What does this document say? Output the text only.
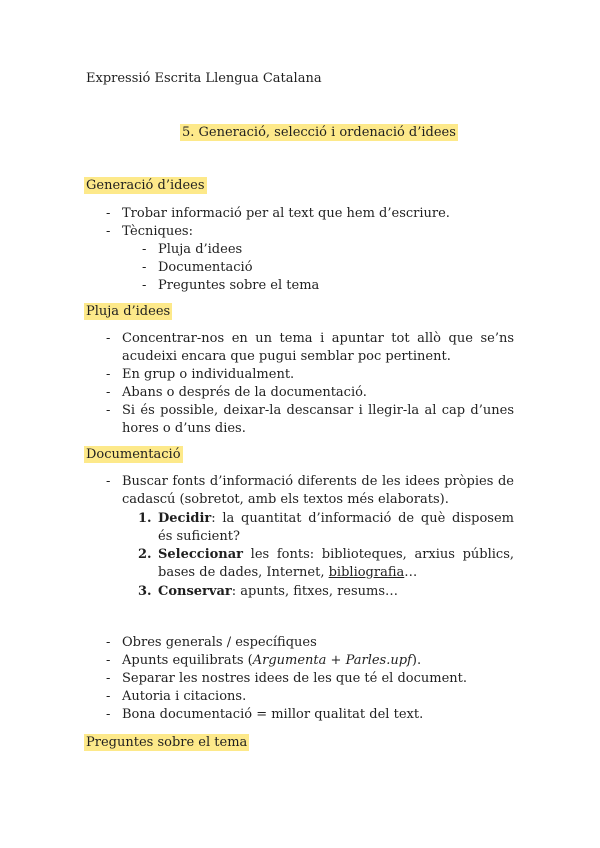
Expressió Escrita Llengua Catalana
5. Generació, selecció i ordenació d’idees
Generació d’idees
- Trobar informació per al text que hem d’escriure.
- Tècniques:
- Pluja d’idees
- Documentació
- Preguntes sobre el tema
Pluja d’idees
- Concentrar-nos en un tema i apuntar tot allò que se’ns acudeixi encara que pugui semblar poc pertinent.
- En grup o individualment.
- Abans o després de la documentació.
- Si és possible, deixar-la descansar i llegir-la al cap d’unes hores o d’uns dies.
Documentació
- Buscar fonts d’informació diferents de les idees pròpies de cadascú (sobretot, amb els textos més elaborats).
1. Decidir: la quantitat d’informació de què disposem és suficient?
2. Seleccionar les fonts: biblioteques, arxius públics, bases de dades, Internet, bibliografia…
3. Conservar: apunts, fitxes, resums…
- Obres generals / específiques
- Apunts equilibrats (Argumenta + Parles.upf).
- Separar les nostres idees de les que té el document.
- Autoria i citacions.
- Bona documentació = millor qualitat del text.
Preguntes sobre el tema
